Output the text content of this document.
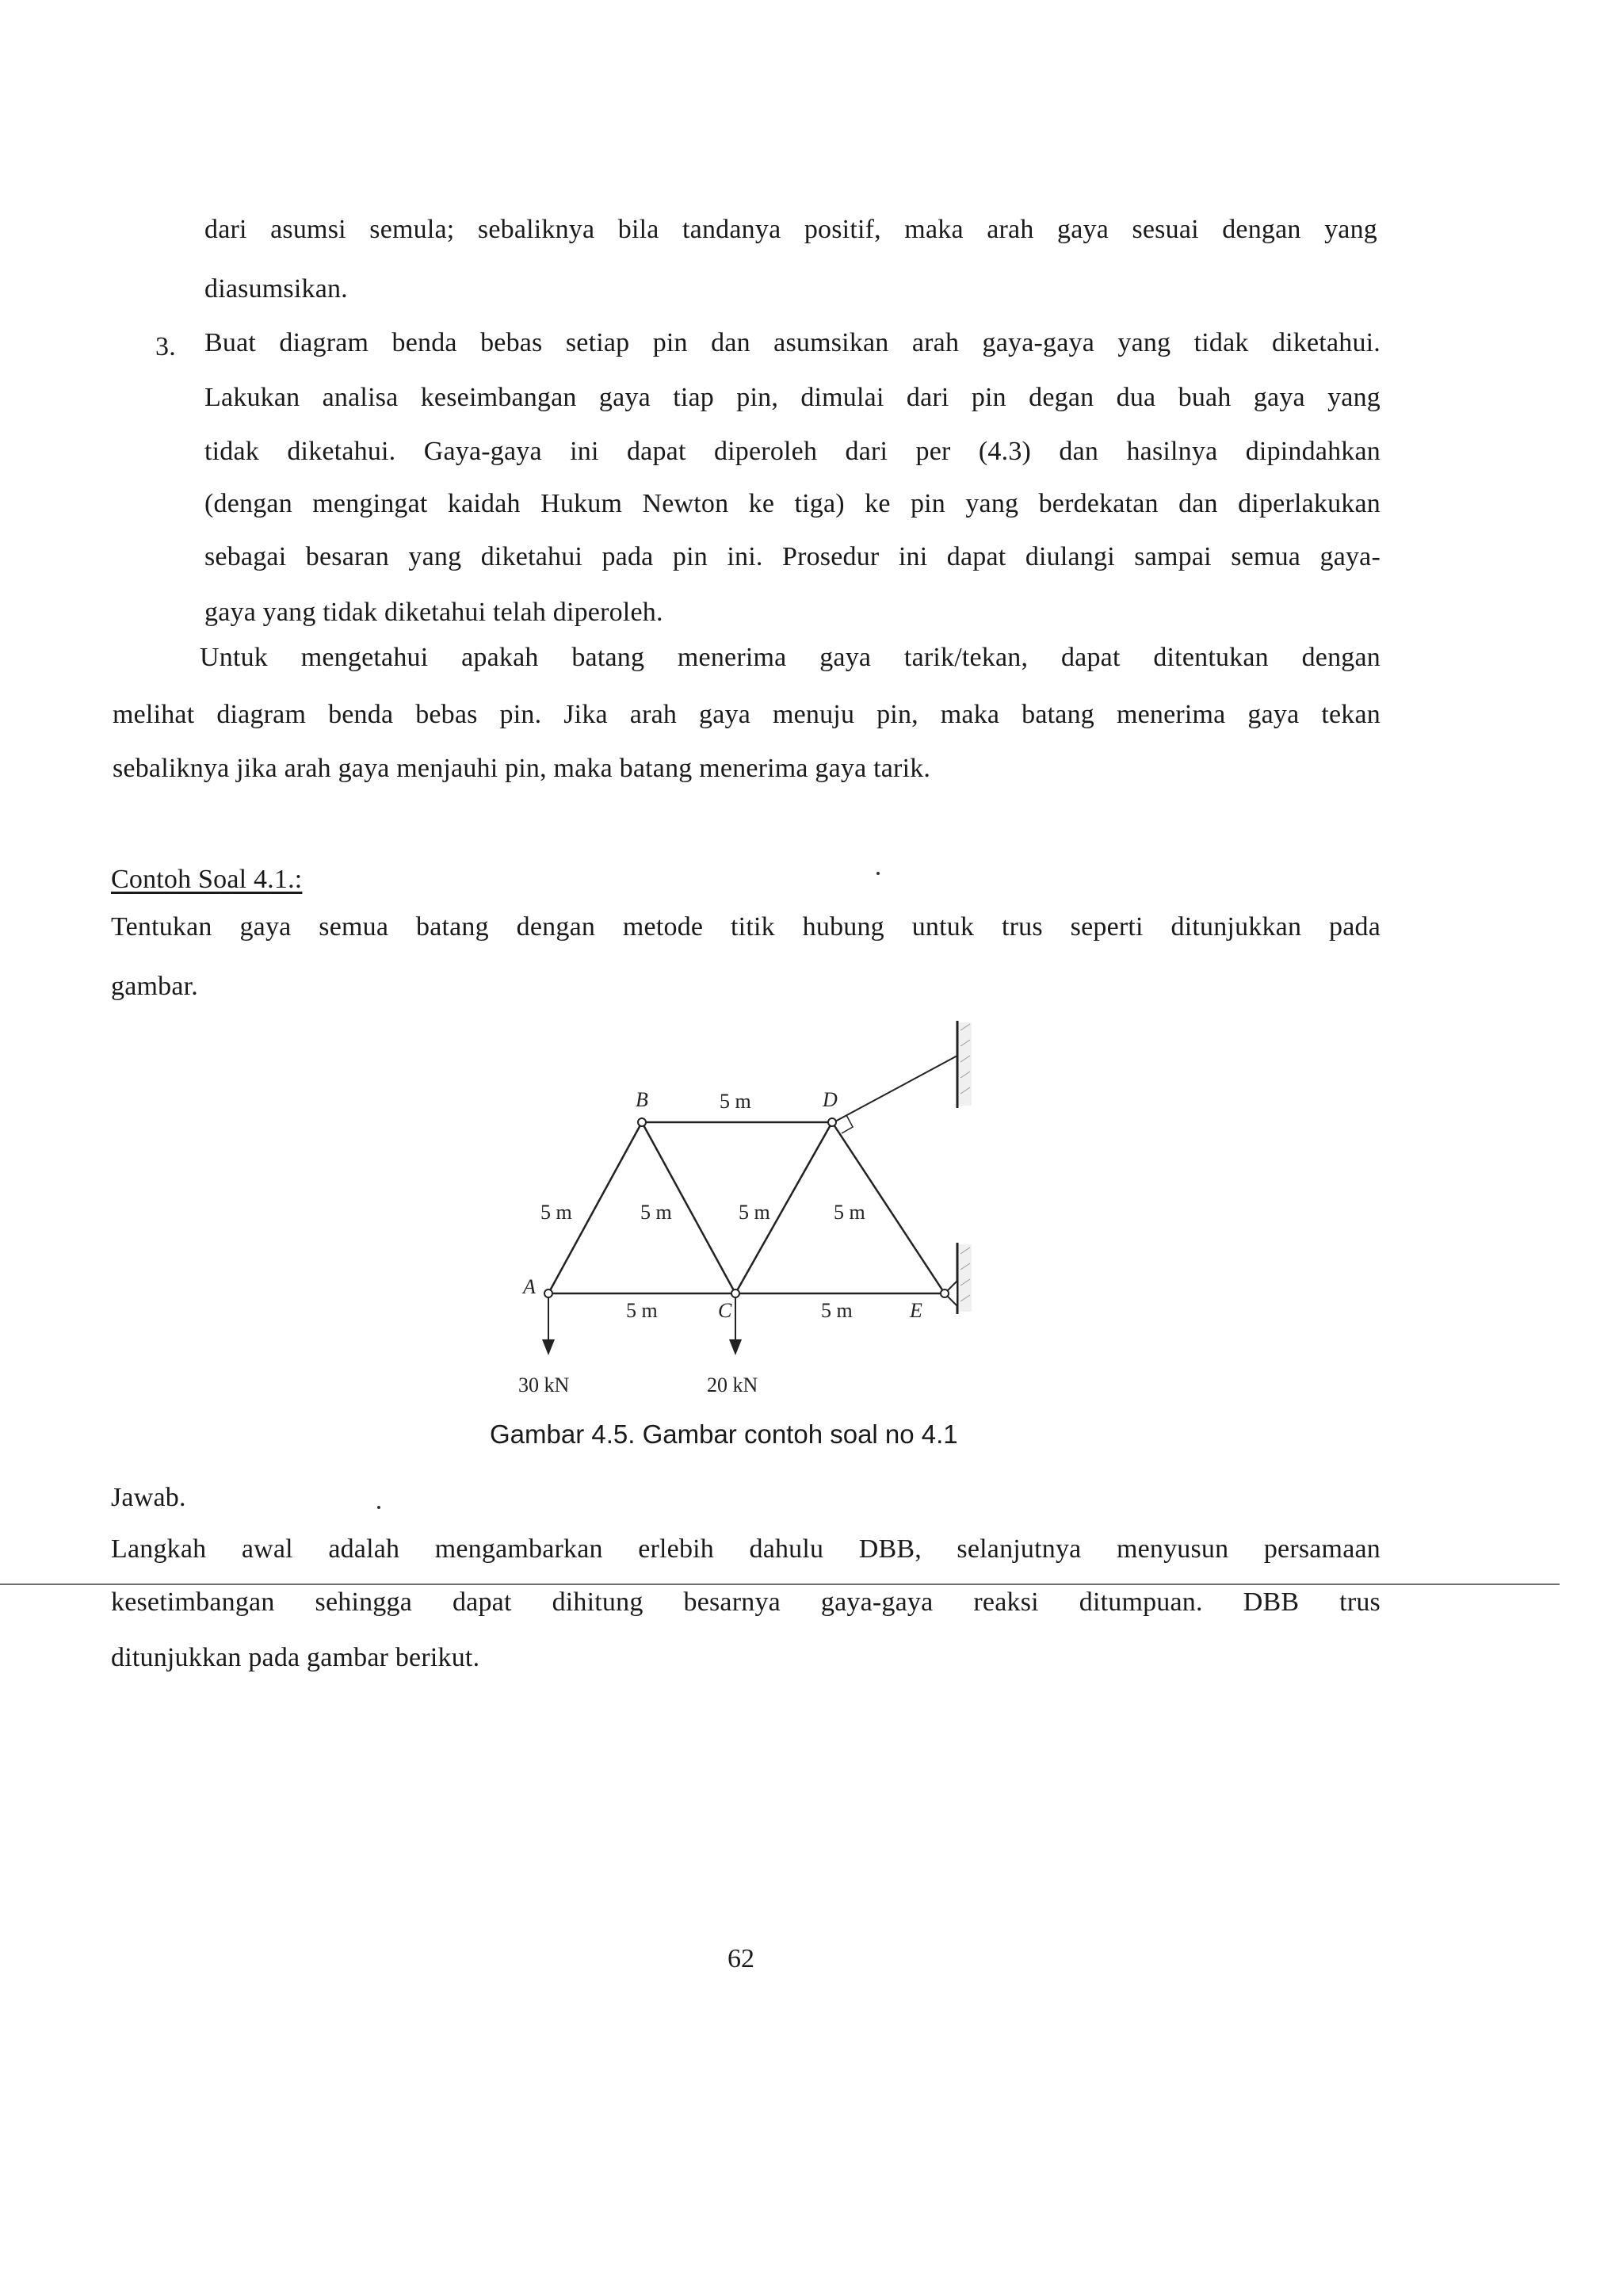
dari asumsi semula; sebaliknya bila tandanya positif, maka arah gaya sesuai dengan yang
diasumsikan.
3. Buat diagram benda bebas setiap pin dan asumsikan arah gaya-gaya yang tidak diketahui.
Lakukan analisa keseimbangan gaya tiap pin, dimulai dari pin degan dua buah gaya yang
tidak diketahui. Gaya-gaya ini dapat diperoleh dari per (4.3) dan hasilnya dipindahkan
(dengan mengingat kaidah Hukum Newton ke tiga) ke pin yang berdekatan dan diperlakukan
sebagai besaran yang diketahui pada pin ini. Prosedur ini dapat diulangi sampai semua gaya-
gaya yang tidak diketahui telah diperoleh.
Untuk mengetahui apakah batang menerima gaya tarik/tekan, dapat ditentukan dengan
melihat diagram benda bebas pin. Jika arah gaya menuju pin, maka batang menerima gaya tekan
sebaliknya jika arah gaya menjauhi pin, maka batang menerima gaya tarik.
Contoh Soal 4.1.:
Tentukan gaya semua batang dengan metode titik hubung untuk trus seperti ditunjukkan pada
gambar.
B	D
A
C	E
5 m
5 m	5 m	5 m	5 m
5 m	5 m
30 kN	20 kN
Gambar 4.5. Gambar contoh soal no 4.1
Jawab.
Langkah awal adalah mengambarkan erlebih dahulu DBB, selanjutnya menyusun persamaan
kesetimbangan sehingga dapat dihitung besarnya gaya-gaya reaksi ditumpuan. DBB trus
ditunjukkan pada gambar berikut.
62
